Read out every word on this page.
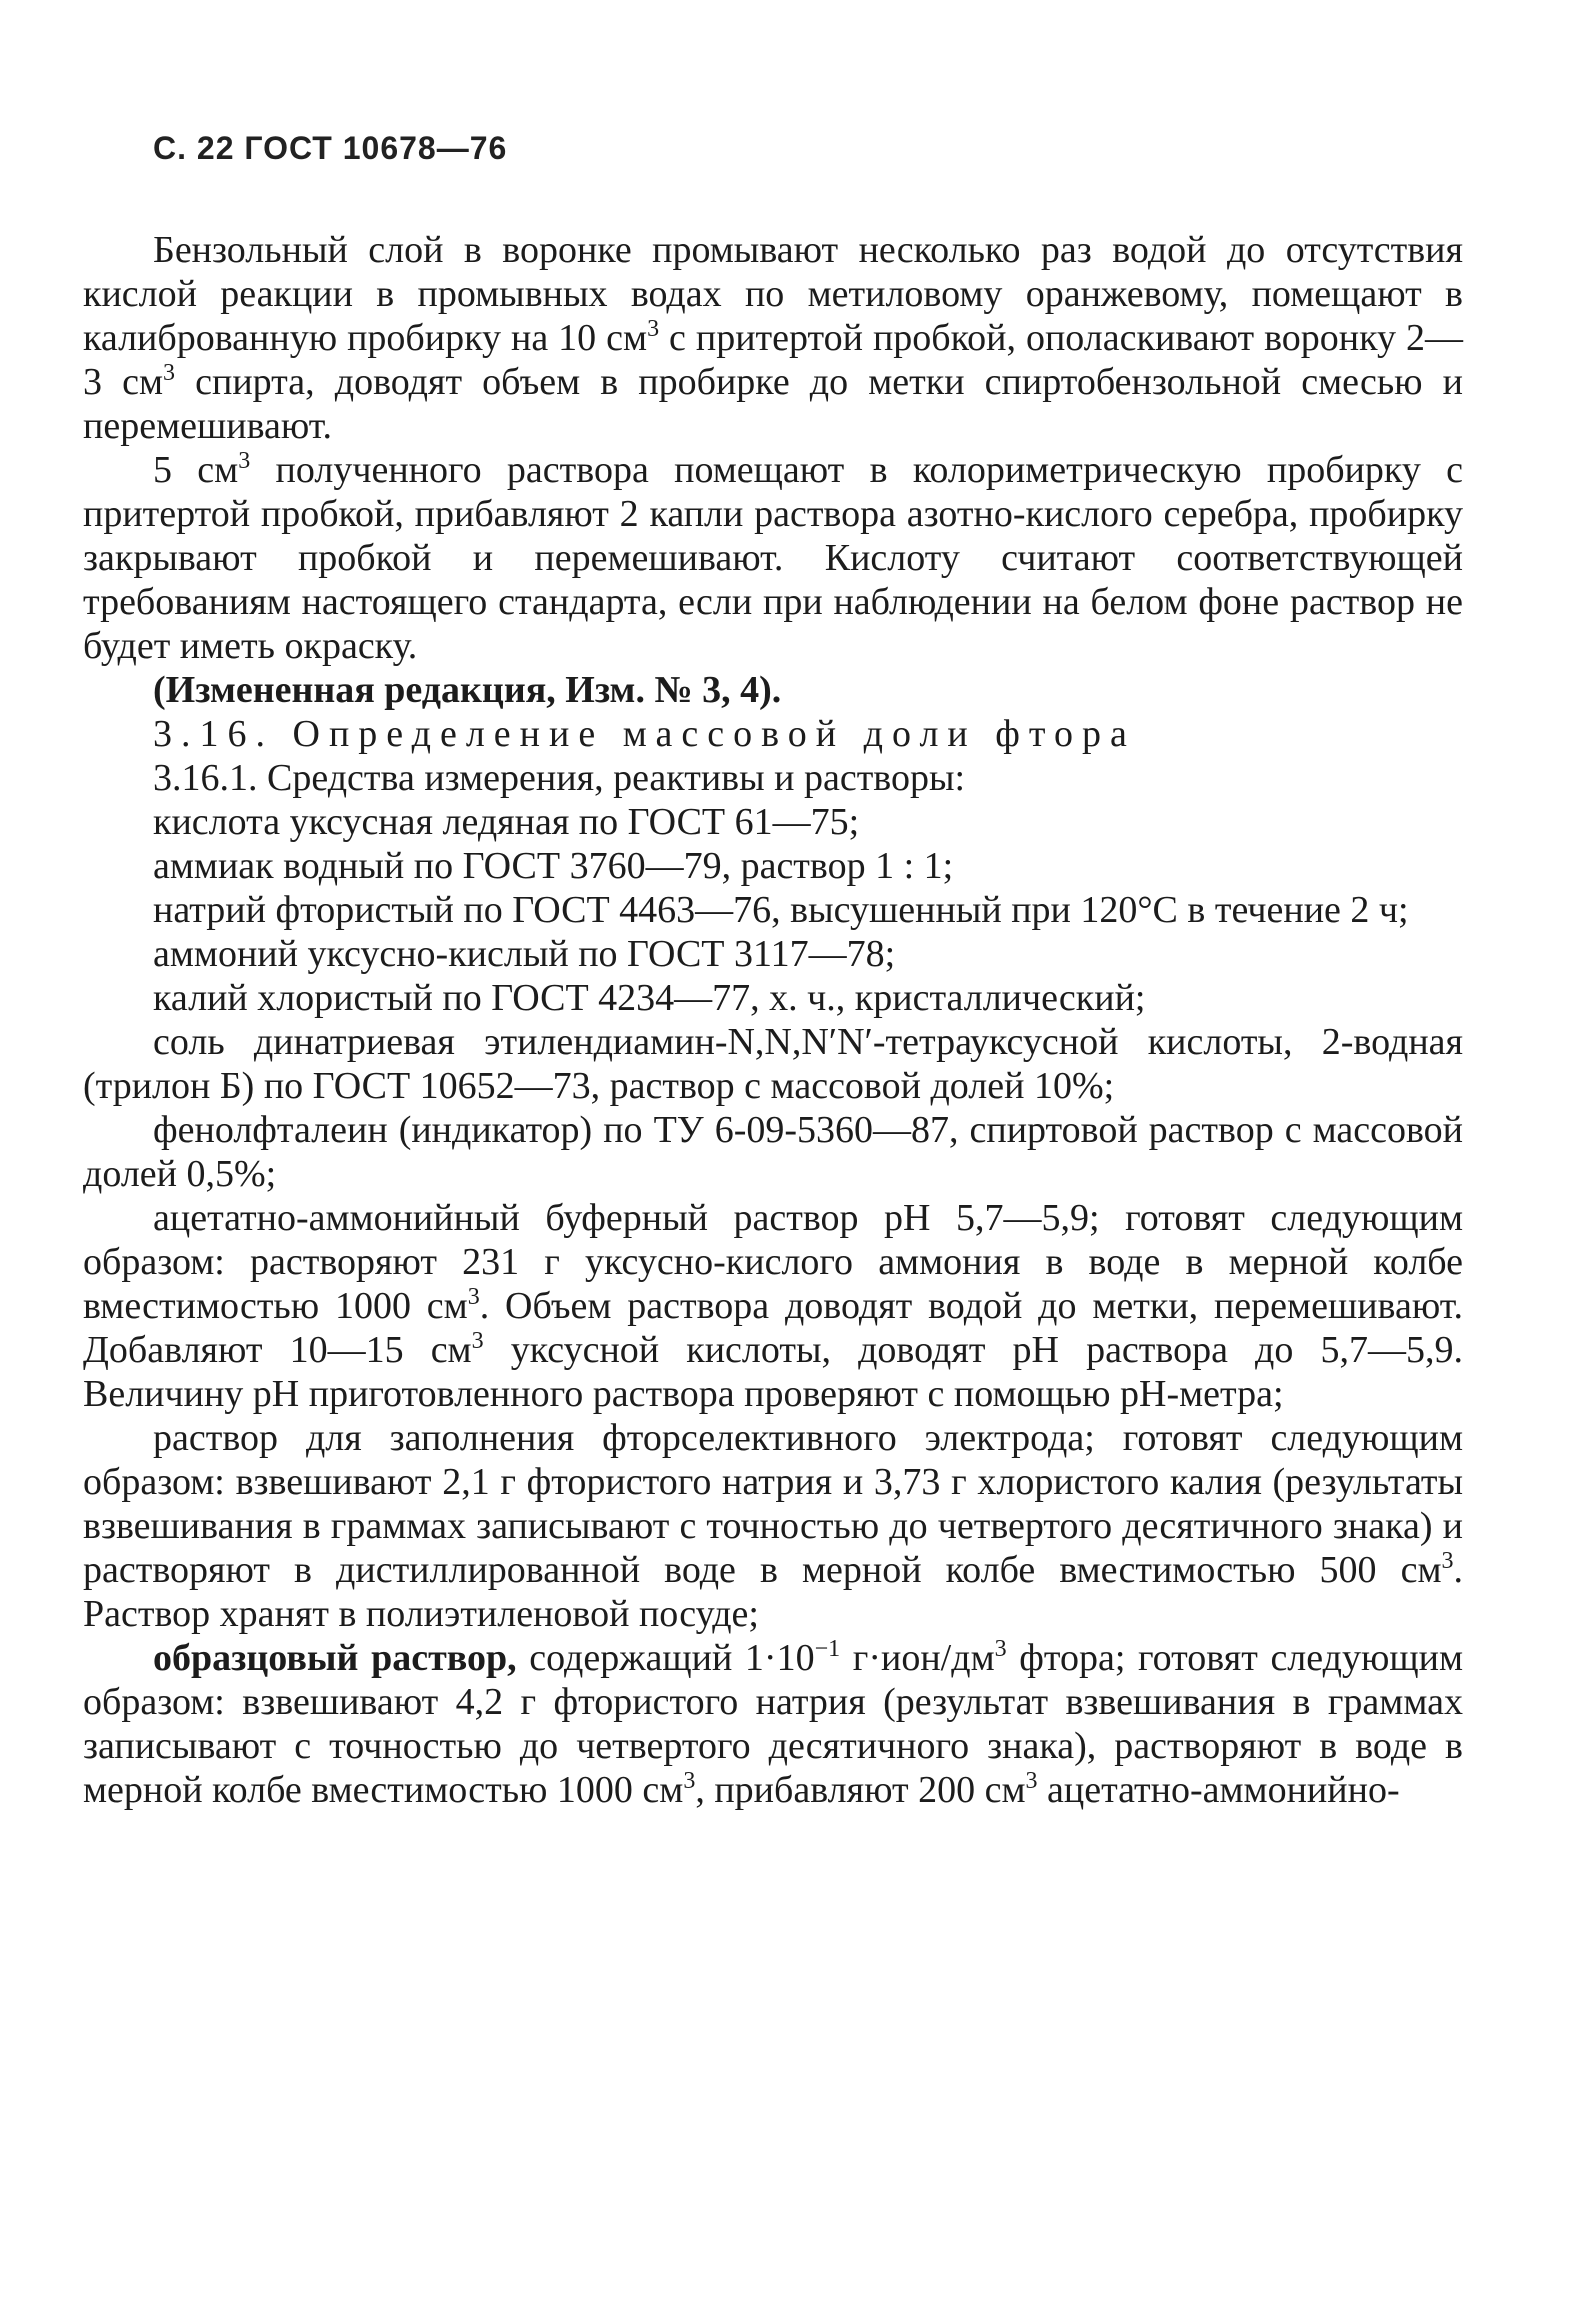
С. 22 ГОСТ 10678—76

Бензольный слой в воронке промывают несколько раз водой до отсутствия кислой реакции в промывных водах по метиловому оранжевому, помещают в калиброванную пробирку на 10 $см^3$ с притертой пробкой, ополаскивают воронку 2—3 $см^3$ спирта, доводят объем в пробирке до метки спиртобензольной смесью и перемешивают.

5 $см^3$ полученного раствора помещают в колориметрическую пробирку с притертой пробкой, прибавляют 2 капли раствора азотно-кислого серебра, пробирку закрывают пробкой и перемешивают. Кислоту считают соответствующей требованиям настоящего стандарта, если при наблюдении на белом фоне раствор не будет иметь окраску.

(Измененная редакция, Изм. № 3, 4).

3.16. Определение массовой доли фтора

3.16.1. Средства измерения, реактивы и растворы:

кислота уксусная ледяная по ГОСТ 61—75;

аммиак водный по ГОСТ 3760—79, раствор 1 : 1;

натрий фтористый по ГОСТ 4463—76, высушенный при 120°С в течение 2 ч;

аммоний уксусно-кислый по ГОСТ 3117—78;

калий хлористый по ГОСТ 4234—77, х. ч., кристаллический;

соль динатриевая этилендиамин-N,N,N′N′-тетрауксусной кислоты, 2-водная (трилон Б) по ГОСТ 10652—73, раствор с массовой долей 10%;

фенолфталеин (индикатор) по ТУ 6-09-5360—87, спиртовой раствор с массовой долей 0,5%;

ацетатно-аммонийный буферный раствор pH 5,7—5,9; готовят следующим образом: растворяют 231 г уксусно-кислого аммония в воде в мерной колбе вместимостью 1000 $см^3$. Объем раствора доводят водой до метки, перемешивают. Добавляют 10—15 $см^3$ уксусной кислоты, доводят pH раствора до 5,7—5,9. Величину pH приготовленного раствора проверяют с помощью pH-метра;

раствор для заполнения фторселективного электрода; готовят следующим образом: взвешивают 2,1 г фтористого натрия и 3,73 г хлористого калия (результаты взвешивания в граммах записывают с точностью до четвертого десятичного знака) и растворяют в дистиллированной воде в мерной колбе вместимостью 500 $см^3$. Раствор хранят в полиэтиленовой посуде;

образцовый раствор, содержащий $1\cdot 10^{-1}$ $г\cdot ион/дм^3$ фтора; готовят следующим образом: взвешивают 4,2 г фтористого натрия (результат взвешивания в граммах записывают с точностью до четвертого десятичного знака), растворяют в воде в мерной колбе вместимостью 1000 $см^3$, прибавляют 200 $см^3$ ацетатно-аммонийно-
